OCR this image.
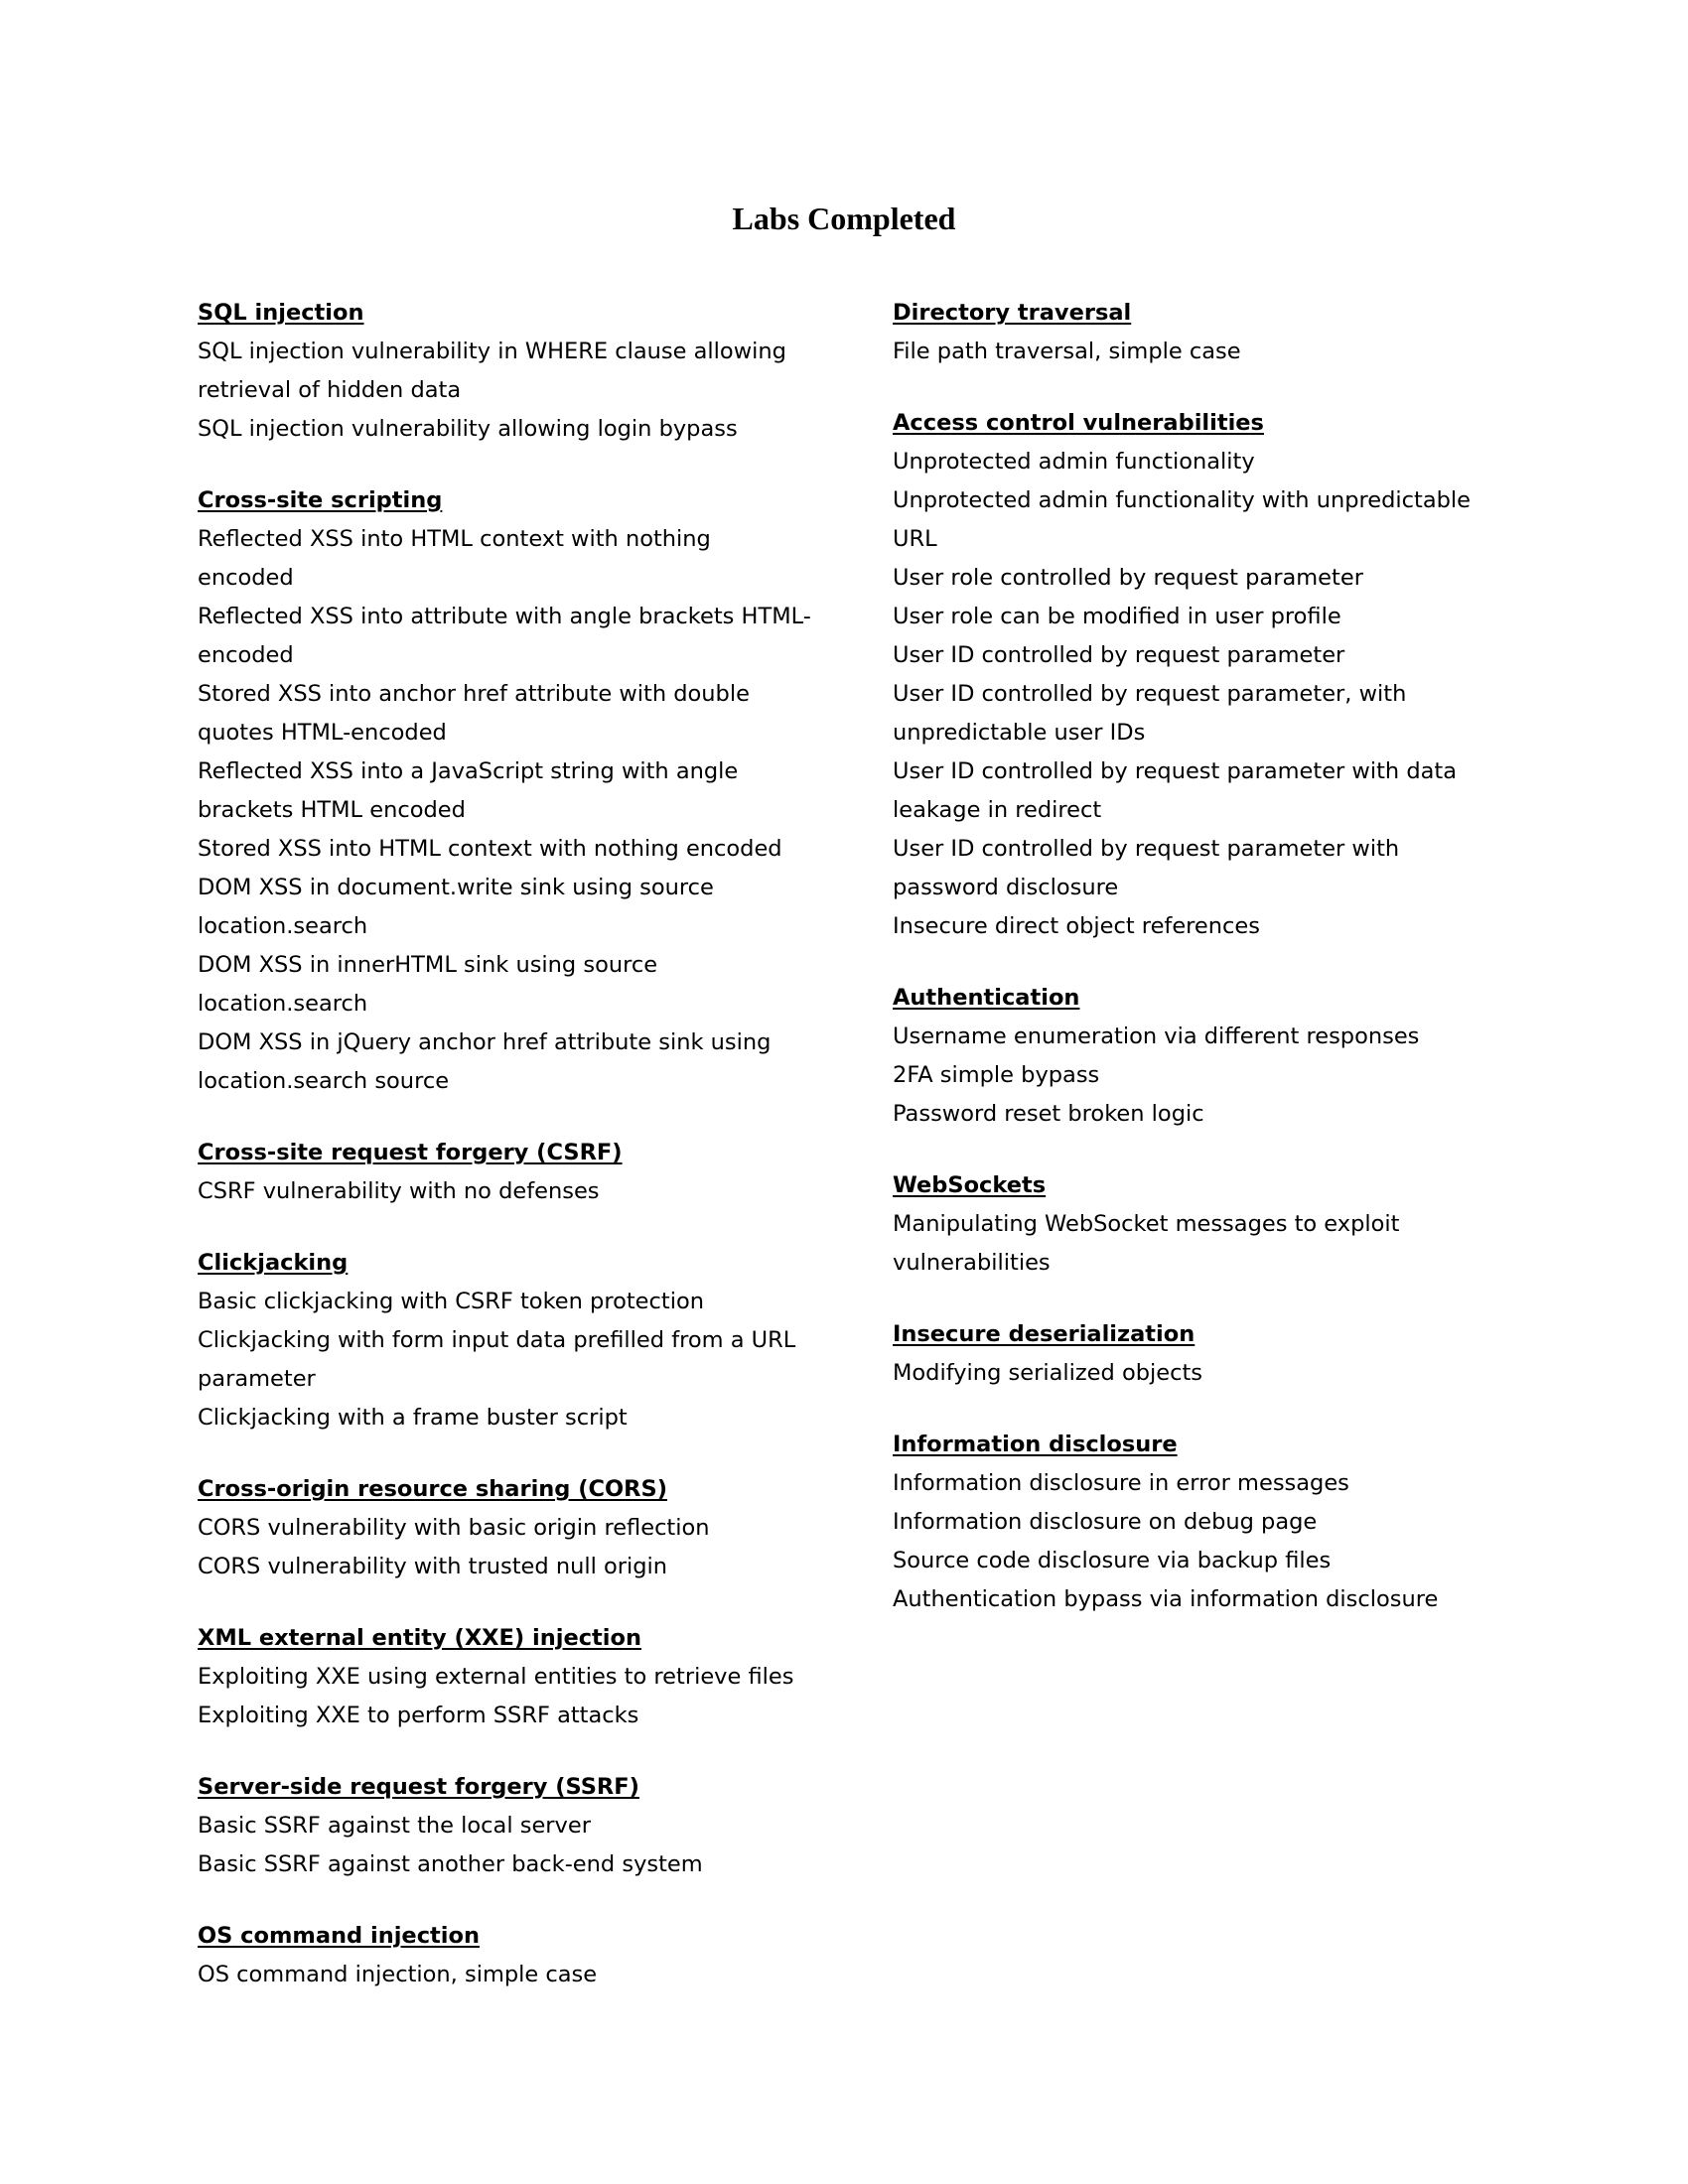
Labs Completed
SQL injection
SQL injection vulnerability in WHERE clause allowing retrieval of hidden data
SQL injection vulnerability allowing login bypass
Cross-site scripting
Reflected XSS into HTML context with nothing encoded
Reflected XSS into attribute with angle brackets HTML-encoded
Stored XSS into anchor href attribute with double quotes HTML-encoded
Reflected XSS into a JavaScript string with angle brackets HTML encoded
Stored XSS into HTML context with nothing encoded
DOM XSS in document.write sink using source location.search
DOM XSS in innerHTML sink using source location.search
DOM XSS in jQuery anchor href attribute sink using location.search source
Cross-site request forgery (CSRF)
CSRF vulnerability with no defenses
Clickjacking
Basic clickjacking with CSRF token protection
Clickjacking with form input data prefilled from a URL parameter
Clickjacking with a frame buster script
Cross-origin resource sharing (CORS)
CORS vulnerability with basic origin reflection
CORS vulnerability with trusted null origin
XML external entity (XXE) injection
Exploiting XXE using external entities to retrieve files
Exploiting XXE to perform SSRF attacks
Server-side request forgery (SSRF)
Basic SSRF against the local server
Basic SSRF against another back-end system
OS command injection
OS command injection, simple case
Directory traversal
File path traversal, simple case
Access control vulnerabilities
Unprotected admin functionality
Unprotected admin functionality with unpredictable URL
User role controlled by request parameter
User role can be modified in user profile
User ID controlled by request parameter
User ID controlled by request parameter, with unpredictable user IDs
User ID controlled by request parameter with data leakage in redirect
User ID controlled by request parameter with password disclosure
Insecure direct object references
Authentication
Username enumeration via different responses
2FA simple bypass
Password reset broken logic
WebSockets
Manipulating WebSocket messages to exploit vulnerabilities
Insecure deserialization
Modifying serialized objects
Information disclosure
Information disclosure in error messages
Information disclosure on debug page
Source code disclosure via backup files
Authentication bypass via information disclosure
